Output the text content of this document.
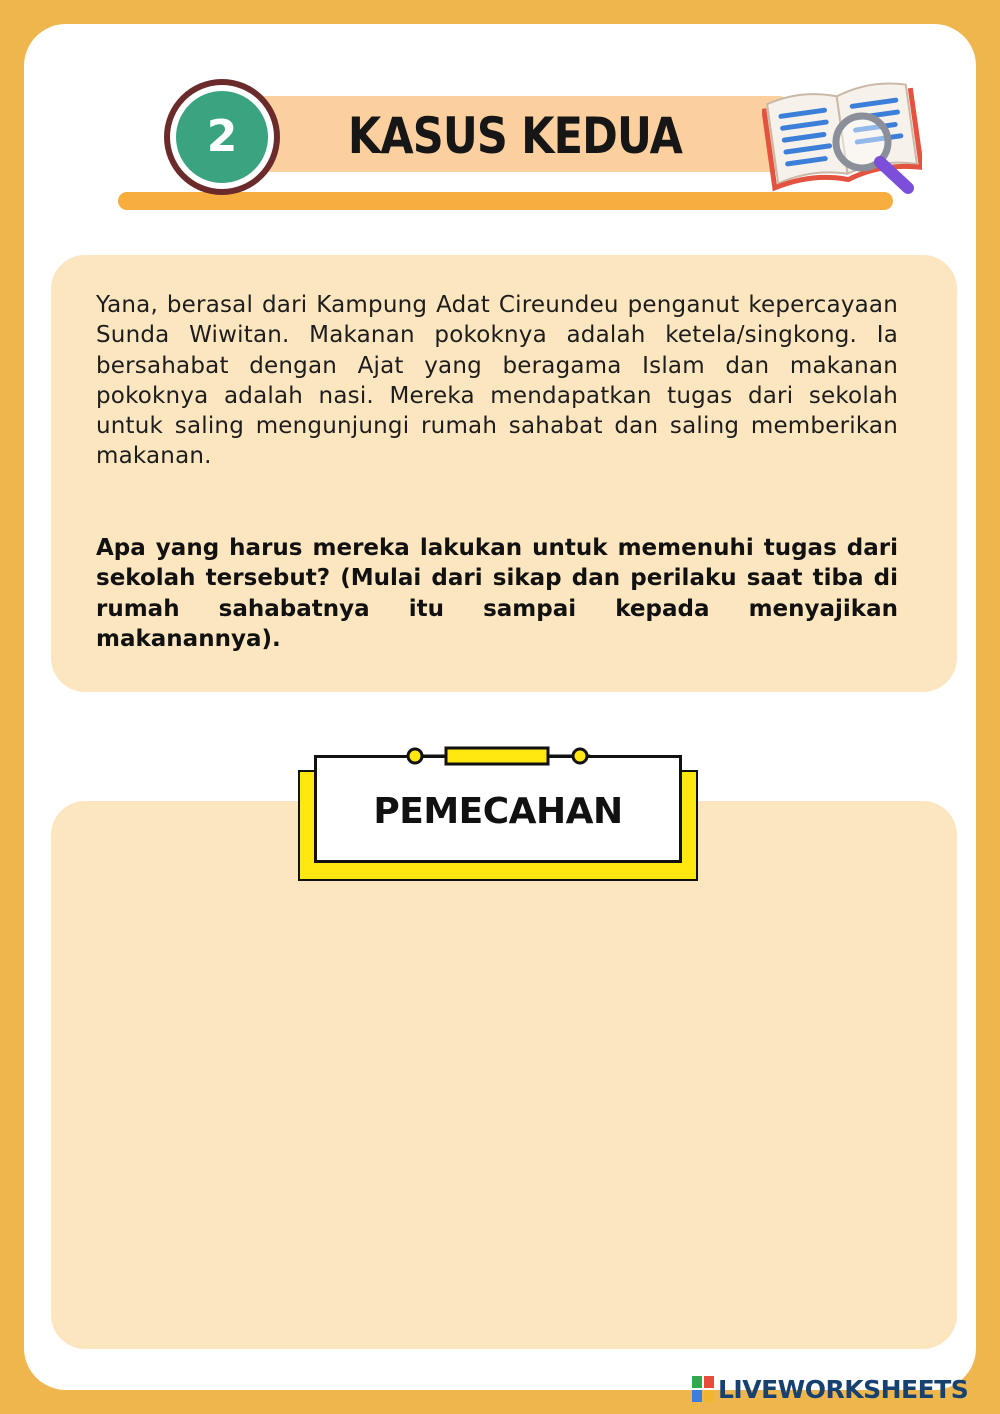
2	KASUS KEDUA

Yana, berasal dari Kampung Adat Cireundeu penganut kepercayaan Sunda Wiwitan. Makanan pokoknya adalah ketela/singkong. Ia bersahabat dengan Ajat yang beragama Islam dan makanan pokoknya adalah nasi. Mereka mendapatkan tugas dari sekolah untuk saling mengunjungi rumah sahabat dan saling memberikan makanan.

Apa yang harus mereka lakukan untuk memenuhi tugas dari sekolah tersebut? (Mulai dari sikap dan perilaku saat tiba di rumah sahabatnya itu sampai kepada menyajikan makanannya).

PEMECAHAN
LIVEWORKSHEETS
